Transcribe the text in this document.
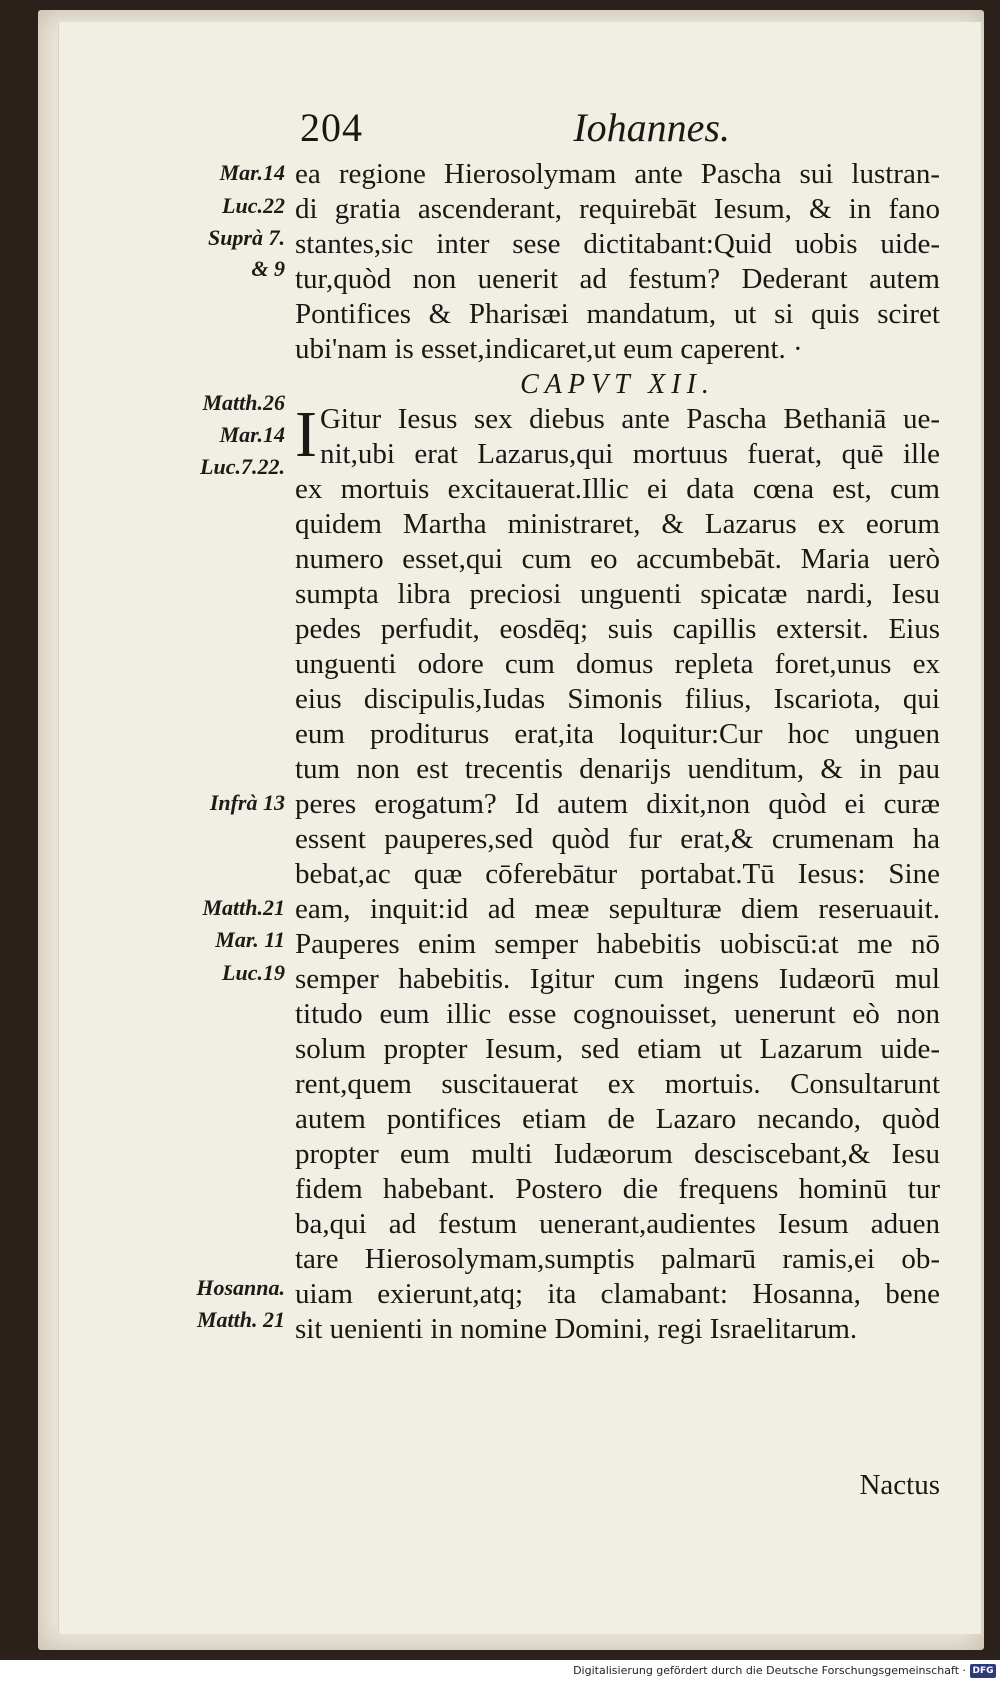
204	Iohannes.
Mar.14
Luc.22
Suprà 7.
& 9
Matth.26
Mar.14
Luc.7.22.
Infrà 13
Matth.21
Mar. 11
Luc.19
Hosanna.
Matth. 21
ea regione Hierosolymam ante Pascha sui lustran-
di gratia ascenderant, requirebāt Iesum, & in fano
stantes,sic inter sese dictitabant:Quid uobis uide-
tur,quòd non uenerit ad festum? Dederant autem
Pontifices & Pharisæi mandatum, ut si quis sciret
ubi'nam is esset,indicaret,ut eum caperent. ·
CAPVT XII.
I Gitur Iesus sex diebus ante Pascha Bethaniā ue-
nit,ubi erat Lazarus,qui mortuus fuerat, quē ille
ex mortuis excitauerat.Illic ei data cœna est, cum
quidem Martha ministraret, & Lazarus ex eorum
numero esset,qui cum eo accumbebāt. Maria uerò
sumpta libra preciosi unguenti spicatæ nardi, Iesu
pedes perfudit, eosdēq; suis capillis extersit. Eius
unguenti odore cum domus repleta foret,unus ex
eius discipulis,Iudas Simonis filius, Iscariota, qui
eum proditurus erat,ita loquitur:Cur hoc unguen
tum non est trecentis denarijs uenditum, & in pau
peres erogatum? Id autem dixit,non quòd ei curæ
essent pauperes,sed quòd fur erat,& crumenam ha
bebat,ac quæ cōferebātur portabat.Tū Iesus: Sine
eam, inquit:id ad meæ sepulturæ diem reseruauit.
Pauperes enim semper habebitis uobiscū:at me nō
semper habebitis. Igitur cum ingens Iudæorū mul
titudo eum illic esse cognouisset, uenerunt eò non
solum propter Iesum, sed etiam ut Lazarum uide-
rent,quem suscitauerat ex mortuis. Consultarunt
autem pontifices etiam de Lazaro necando, quòd
propter eum multi Iudæorum desciscebant,& Iesu
fidem habebant. Postero die frequens hominū tur
ba,qui ad festum uenerant,audientes Iesum aduen
tare Hierosolymam,sumptis palmarū ramis,ei ob-
uiam exierunt,atq; ita clamabant: Hosanna, bene
sit uenienti in nomine Domini, regi Israelitarum.
Nactus
Digitalisierung gefördert durch die Deutsche Forschungsgemeinschaft · DFG
